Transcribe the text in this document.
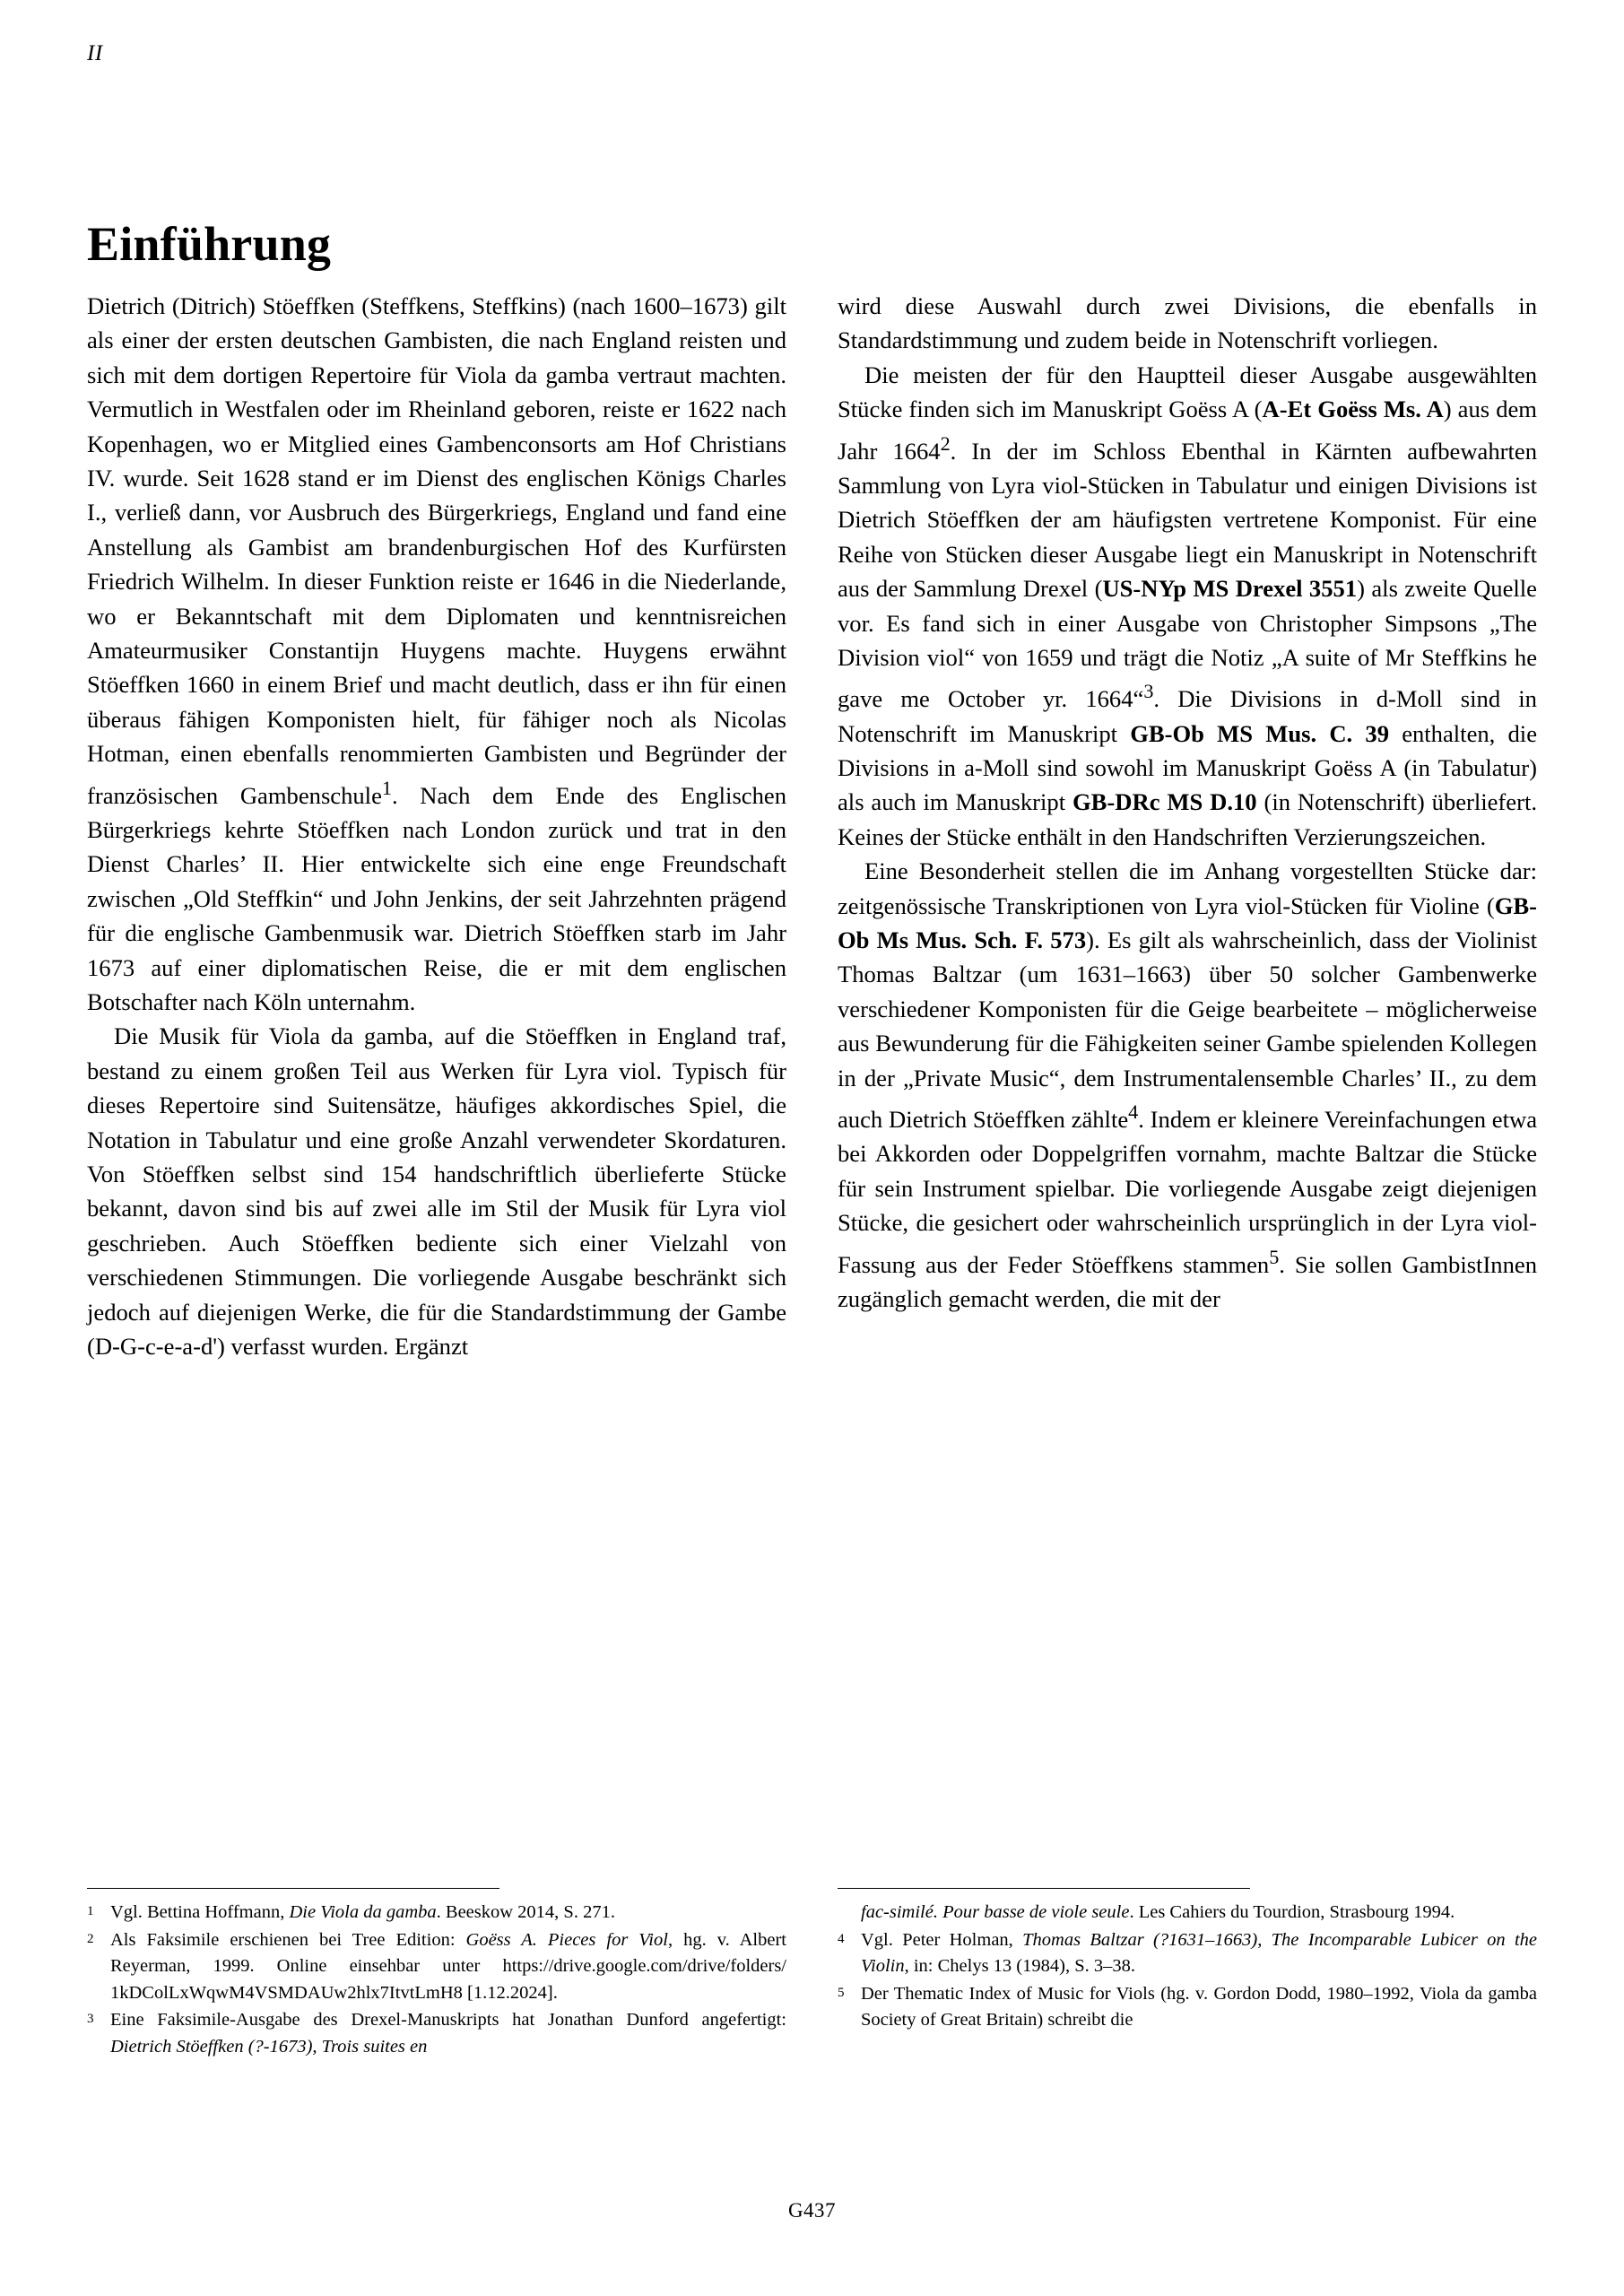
II
Einführung

Dietrich (Ditrich) Stöeffken (Steffkens, Steffkins) (nach 1600–1673) gilt als einer der ersten deutschen Gambisten, die nach England reisten und sich mit dem dortigen Repertoire für Viola da gamba vertraut machten. Vermutlich in Westfalen oder im Rheinland geboren, reiste er 1622 nach Kopenhagen, wo er Mitglied eines Gambenconsorts am Hof Christians IV. wurde. Seit 1628 stand er im Dienst des englischen Königs Charles I., verließ dann, vor Ausbruch des Bürgerkriegs, England und fand eine Anstellung als Gambist am brandenburgischen Hof des Kurfürsten Friedrich Wilhelm. In dieser Funktion reiste er 1646 in die Niederlande, wo er Bekanntschaft mit dem Diplomaten und kenntnisreichen Amateurmusiker Constantijn Huygens machte. Huygens erwähnt Stöeffken 1660 in einem Brief und macht deutlich, dass er ihn für einen überaus fähigen Komponisten hielt, für fähiger noch als Nicolas Hotman, einen ebenfalls renommierten Gambisten und Begründer der französischen Gambenschule$^1$. Nach dem Ende des Englischen Bürgerkriegs kehrte Stöeffken nach London zurück und trat in den Dienst Charles’ II. Hier entwickelte sich eine enge Freundschaft zwischen „Old Steffkin“ und John Jenkins, der seit Jahrzehnten prägend für die englische Gambenmusik war. Dietrich Stöeffken starb im Jahr 1673 auf einer diplomatischen Reise, die er mit dem englischen Botschafter nach Köln unternahm.

Die Musik für Viola da gamba, auf die Stöeffken in England traf, bestand zu einem großen Teil aus Werken für Lyra viol. Typisch für dieses Repertoire sind Suitensätze, häufiges akkordisches Spiel, die Notation in Tabulatur und eine große Anzahl verwendeter Skordaturen. Von Stöeffken selbst sind 154 handschriftlich überlieferte Stücke bekannt, davon sind bis auf zwei alle im Stil der Musik für Lyra viol geschrieben. Auch Stöeffken bediente sich einer Vielzahl von verschiedenen Stimmungen. Die vorliegende Ausgabe beschränkt sich jedoch auf diejenigen Werke, die für die Standardstimmung der Gambe (D-G-c-e-a-d') verfasst wurden. Ergänzt

wird diese Auswahl durch zwei Divisions, die ebenfalls in Standardstimmung und zudem beide in Notenschrift vorliegen.

Die meisten der für den Hauptteil dieser Ausgabe ausgewählten Stücke finden sich im Manuskript Goëss A (A-Et Goëss Ms. A) aus dem Jahr 1664$^2$. In der im Schloss Ebenthal in Kärnten aufbewahrten Sammlung von Lyra viol-Stücken in Tabulatur und einigen Divisions ist Dietrich Stöeffken der am häufigsten vertretene Komponist. Für eine Reihe von Stücken dieser Ausgabe liegt ein Manuskript in Notenschrift aus der Sammlung Drexel (US-NYp MS Drexel 3551) als zweite Quelle vor. Es fand sich in einer Ausgabe von Christopher Simpsons „The Division viol“ von 1659 und trägt die Notiz „A suite of Mr Steffkins he gave me October yr. 1664“$^3$. Die Divisions in d-Moll sind in Notenschrift im Manuskript GB-Ob MS Mus. C. 39 enthalten, die Divisions in a-Moll sind sowohl im Manuskript Goëss A (in Tabulatur) als auch im Manuskript GB-DRc MS D.10 (in Notenschrift) überliefert. Keines der Stücke enthält in den Handschriften Verzierungszeichen.

Eine Besonderheit stellen die im Anhang vorgestellten Stücke dar: zeitgenössische Transkriptionen von Lyra viol-Stücken für Violine (GB-Ob Ms Mus. Sch. F. 573). Es gilt als wahrscheinlich, dass der Violinist Thomas Baltzar (um 1631–1663) über 50 solcher Gambenwerke verschiedener Komponisten für die Geige bearbeitete – möglicherweise aus Bewunderung für die Fähigkeiten seiner Gambe spielenden Kollegen in der „Private Music“, dem Instrumentalensemble Charles’ II., zu dem auch Dietrich Stöeffken zählte$^4$. Indem er kleinere Vereinfachungen etwa bei Akkorden oder Doppelgriffen vornahm, machte Baltzar die Stücke für sein Instrument spielbar. Die vorliegende Ausgabe zeigt diejenigen Stücke, die gesichert oder wahrscheinlich ursprünglich in der Lyra viol-Fassung aus der Feder Stöeffkens stammen$^5$. Sie sollen GambistInnen zugänglich gemacht werden, die mit der

1 Vgl. Bettina Hoffmann, Die Viola da gamba. Beeskow 2014, S. 271.
2 Als Faksimile erschienen bei Tree Edition: Goëss A. Pieces for Viol, hg. v. Albert Reyerman, 1999. Online einsehbar unter https://drive.google.com/drive/folders/ 1kDColLxWqwM4VSMDAUw2hlx7ItvtLmH8 [1.12.2024].
3 Eine Faksimile-Ausgabe des Drexel-Manuskripts hat Jonathan Dunford angefertigt: Dietrich Stöeffken (?-1673), Trois suites en
fac-similé. Pour basse de viole seule. Les Cahiers du Tourdion, Strasbourg 1994.
4 Vgl. Peter Holman, Thomas Baltzar (?1631–1663), The Incomparable Lubicer on the Violin, in: Chelys 13 (1984), S. 3–38.
5 Der Thematic Index of Music for Viols (hg. v. Gordon Dodd, 1980–1992, Viola da gamba Society of Great Britain) schreibt die
G437
